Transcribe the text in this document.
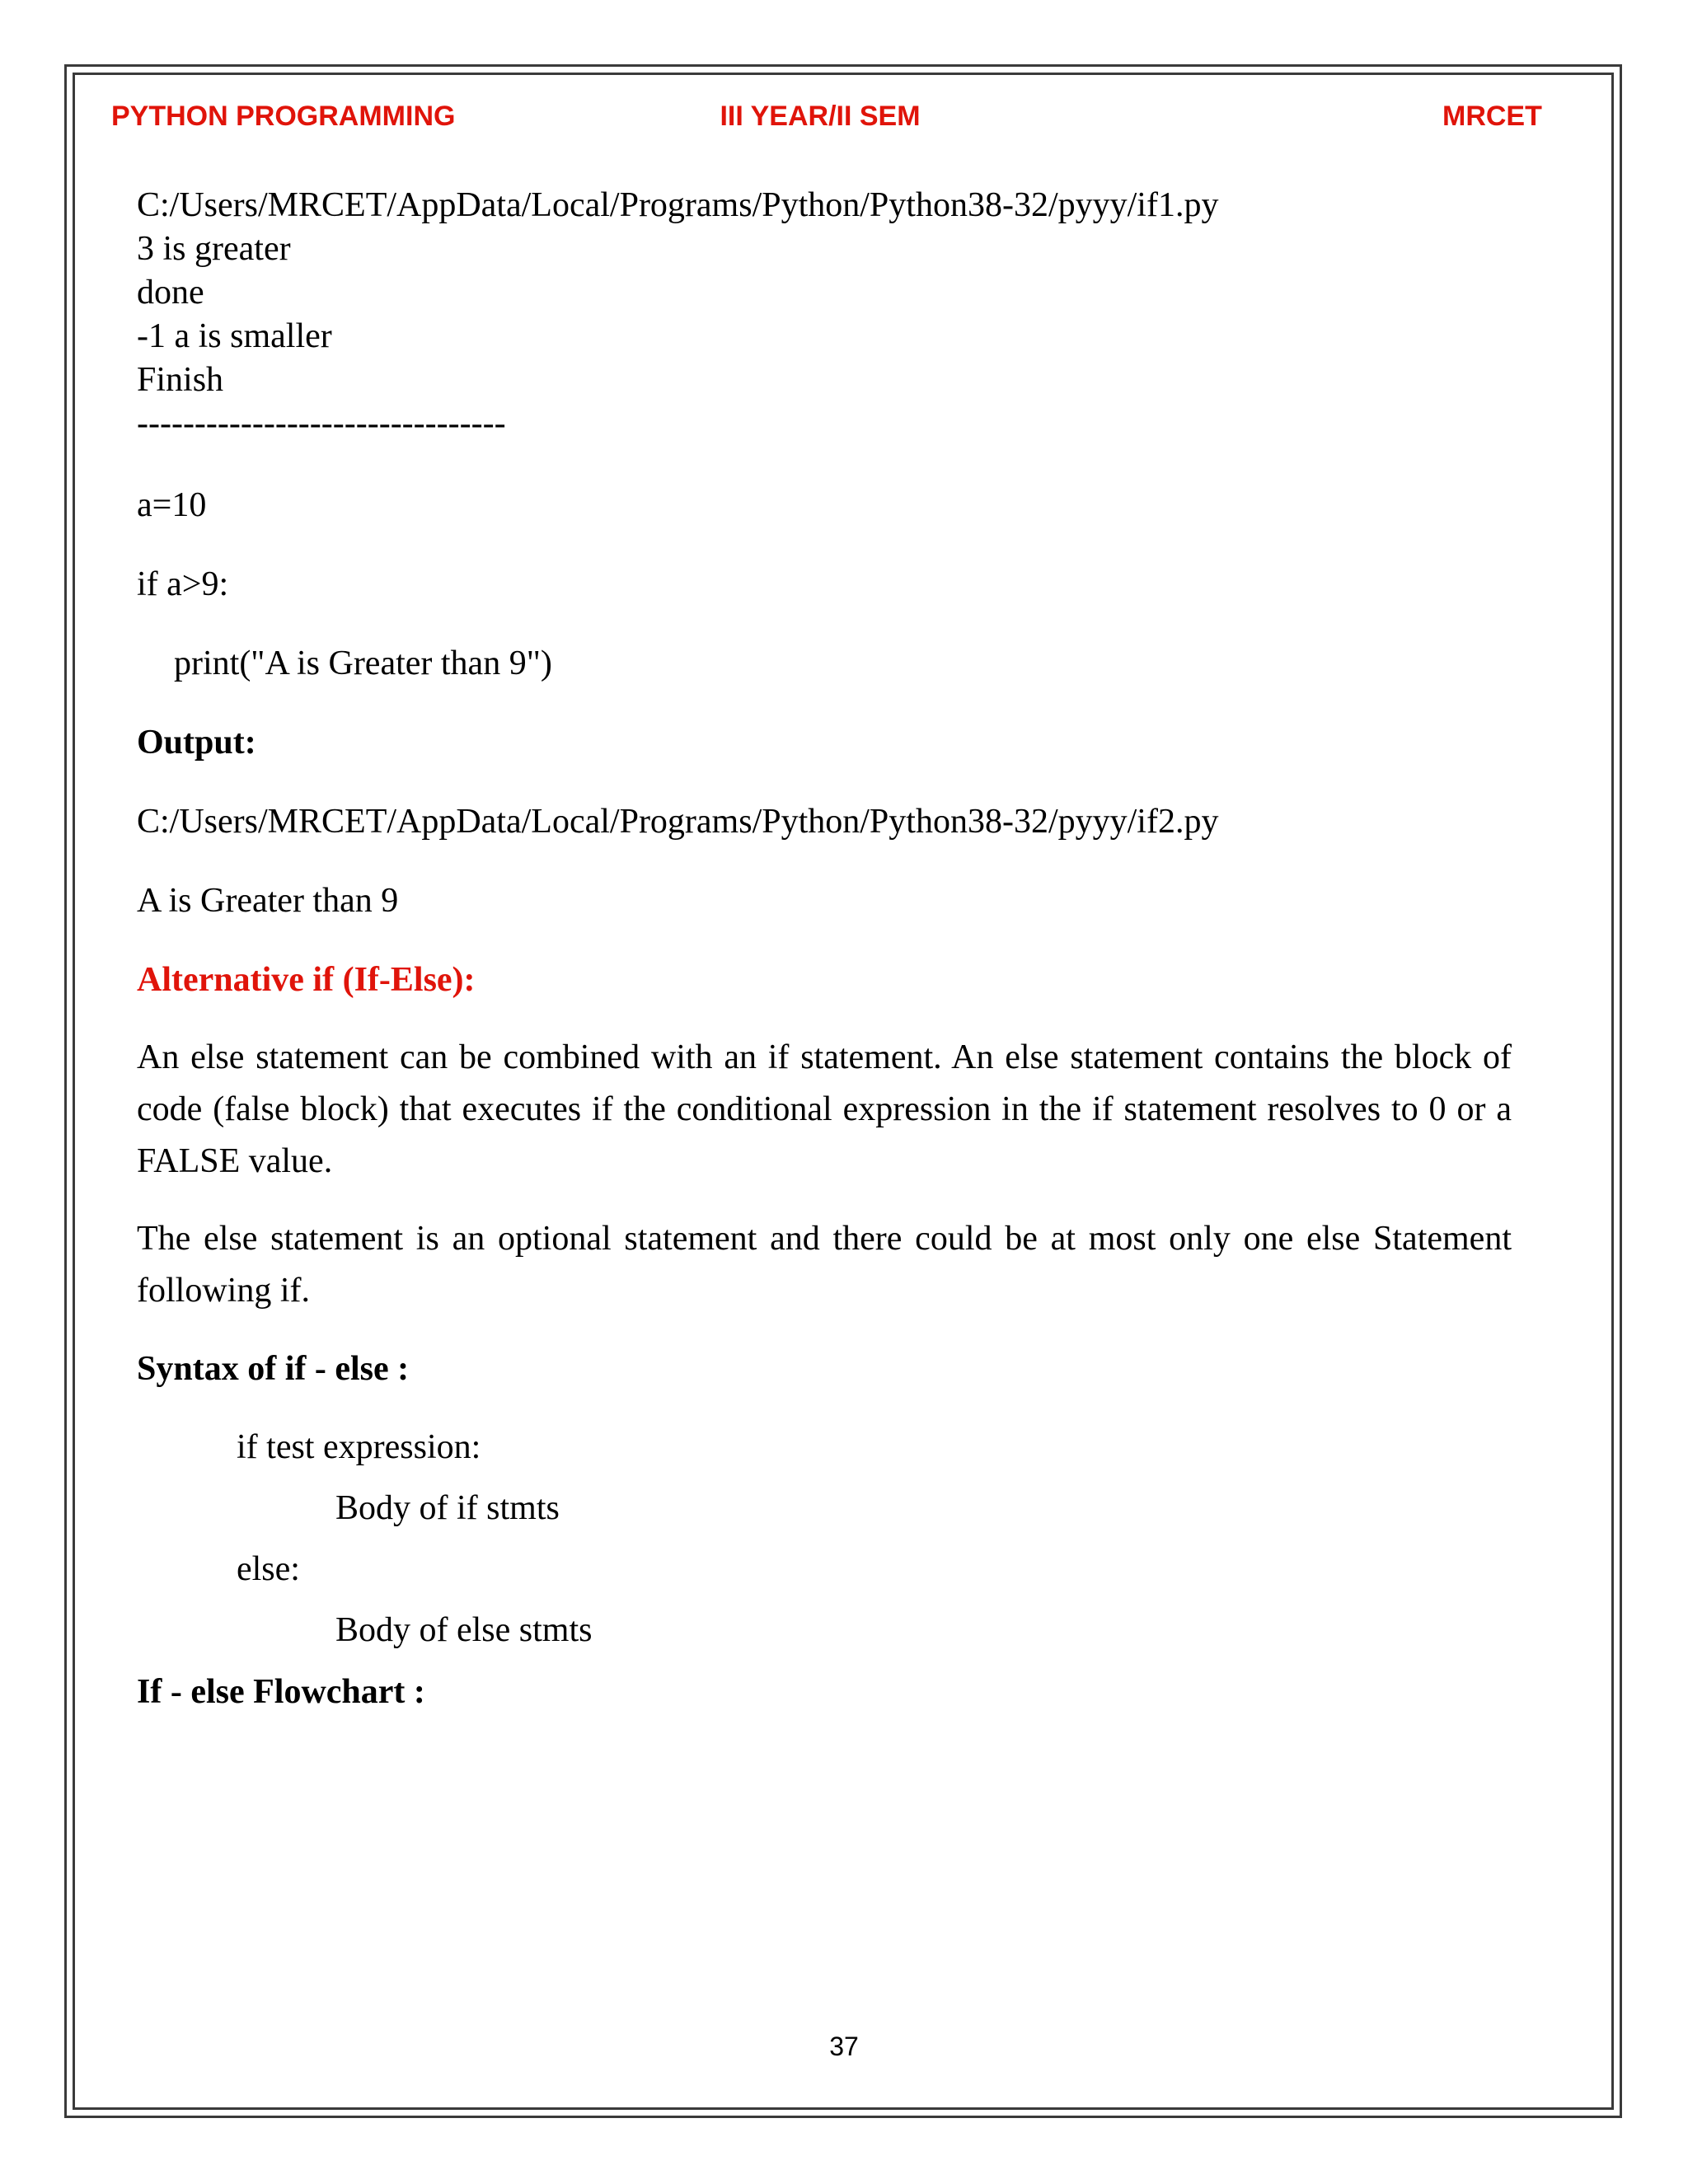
PYTHON PROGRAMMING	III YEAR/II SEM	MRCET
C:/Users/MRCET/AppData/Local/Programs/Python/Python38-32/pyyy/if1.py
3 is greater
done
-1 a is smaller
Finish
--------------------------------
a=10
if a>9:
print("A is Greater than 9")
Output:
C:/Users/MRCET/AppData/Local/Programs/Python/Python38-32/pyyy/if2.py
A is Greater than 9
Alternative if (If-Else):
An else statement can be combined with an if statement. An else statement contains the block of code (false block) that executes if the conditional expression in the if statement resolves to 0 or a FALSE value.
The else statement is an optional statement and there could be at most only one else Statement following if.
Syntax of if - else :
if test expression:
Body of if stmts
else:
Body of else stmts
If - else Flowchart :
37
